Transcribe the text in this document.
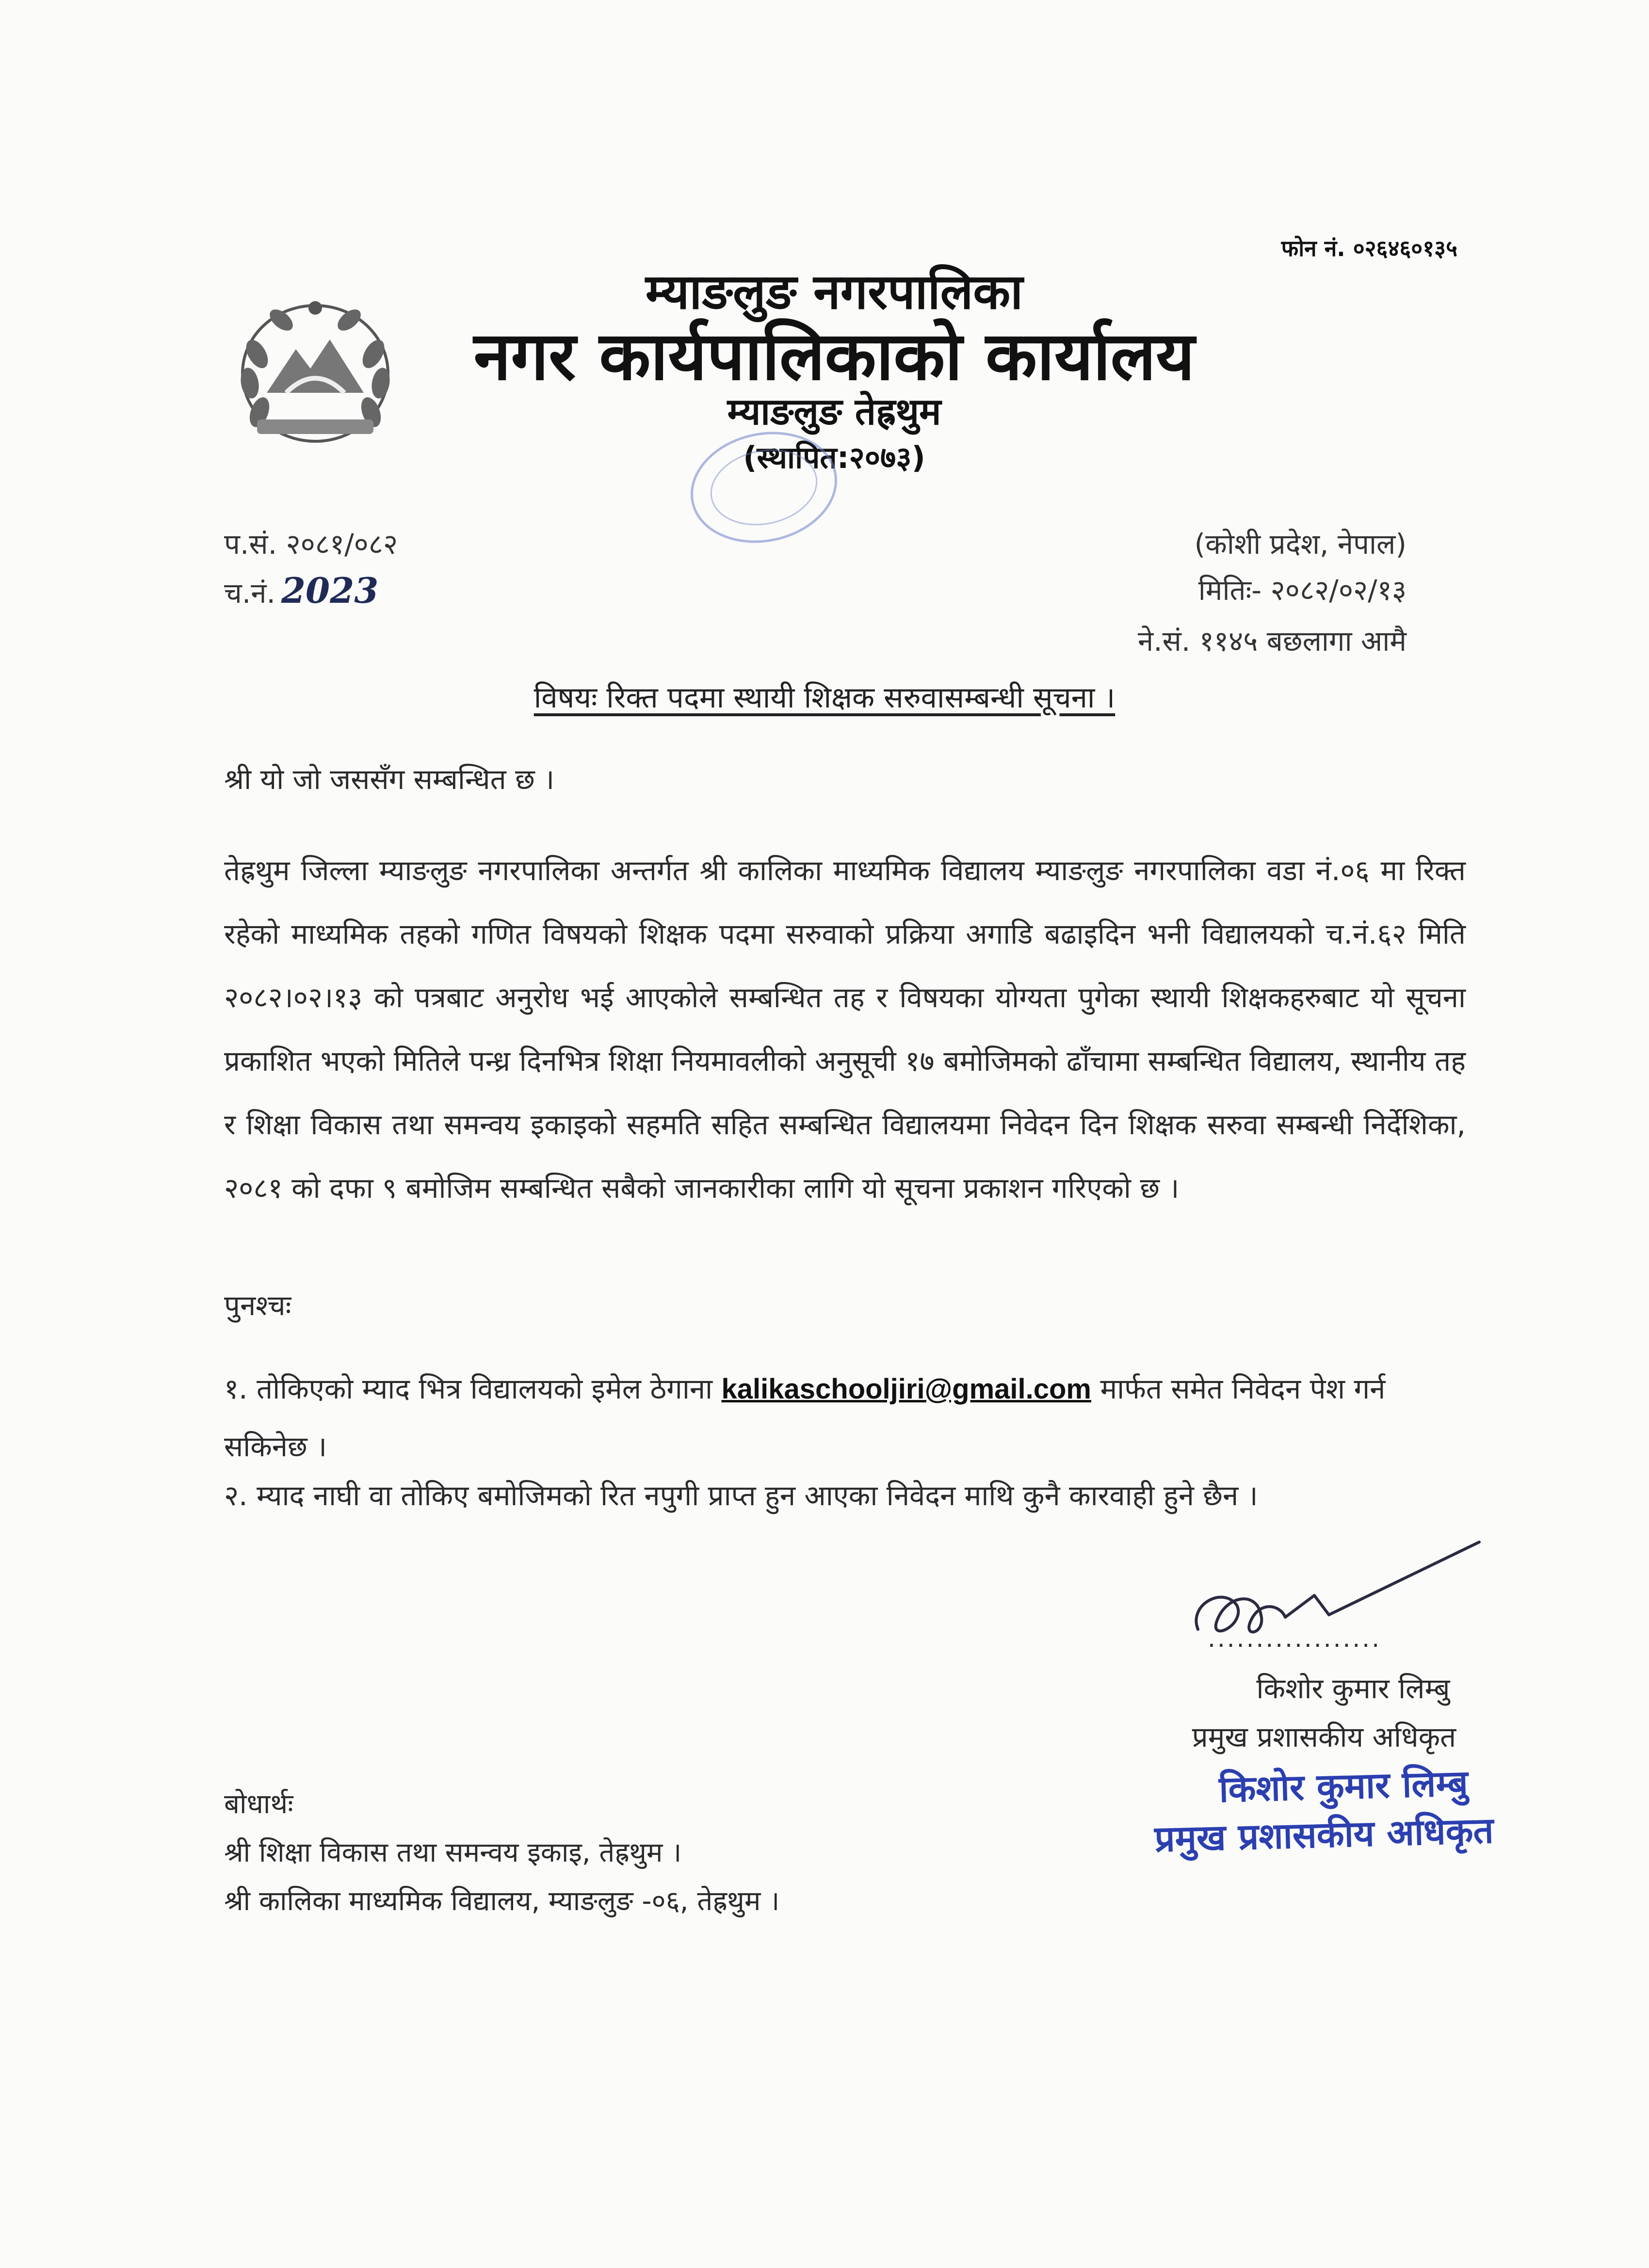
फोन नं. ०२६४६०१३५
म्याङलुङ नगरपालिका
नगर कार्यपालिकाको कार्यालय
म्याङलुङ तेह्रथुम
(स्थापित:२०७३)
प.सं. २०८१/०८२
च.नं. 2023
(कोशी प्रदेश, नेपाल)
मितिः- २०८२/०२/१३
ने.सं. ११४५ बछलागा आमै
विषयः रिक्त पदमा स्थायी शिक्षक सरुवासम्बन्धी सूचना ।
श्री यो जो जससँग सम्बन्धित छ ।
तेह्रथुम जिल्ला म्याङलुङ नगरपालिका अन्तर्गत श्री कालिका माध्यमिक विद्यालय म्याङलुङ नगरपालिका वडा नं.०६ मा रिक्त रहेको माध्यमिक तहको गणित विषयको शिक्षक पदमा सरुवाको प्रक्रिया अगाडि बढाइदिन भनी विद्यालयको च.नं.६२ मिति २०८२।०२।१३ को पत्रबाट अनुरोध भई आएकोले सम्बन्धित तह र विषयका योग्यता पुगेका स्थायी शिक्षकहरुबाट यो सूचना प्रकाशित भएको मितिले पन्ध्र दिनभित्र शिक्षा नियमावलीको अनुसूची १७ बमोजिमको ढाँचामा सम्बन्धित विद्यालय, स्थानीय तह र शिक्षा विकास तथा समन्वय इकाइको सहमति सहित सम्बन्धित विद्यालयमा निवेदन दिन शिक्षक सरुवा सम्बन्धी निर्देशिका, २०८१ को दफा ९ बमोजिम सम्बन्धित सबैको जानकारीका लागि यो सूचना प्रकाशन गरिएको छ ।
पुनश्चः
१. तोकिएको म्याद भित्र विद्यालयको इमेल ठेगाना kalikaschooljiri@gmail.com मार्फत समेत निवेदन पेश गर्न सकिनेछ ।
२. म्याद नाघी वा तोकिए बमोजिमको रित नपुगी प्राप्त हुन आएका निवेदन माथि कुनै कारवाही हुने छैन ।
..................
किशोर कुमार लिम्बु
प्रमुख प्रशासकीय अधिकृत
किशोर कुमार लिम्बु
प्रमुख प्रशासकीय अधिकृत
बोधार्थः
श्री शिक्षा विकास तथा समन्वय इकाइ, तेह्रथुम ।
श्री कालिका माध्यमिक विद्यालय, म्याङलुङ -०६, तेह्रथुम ।
